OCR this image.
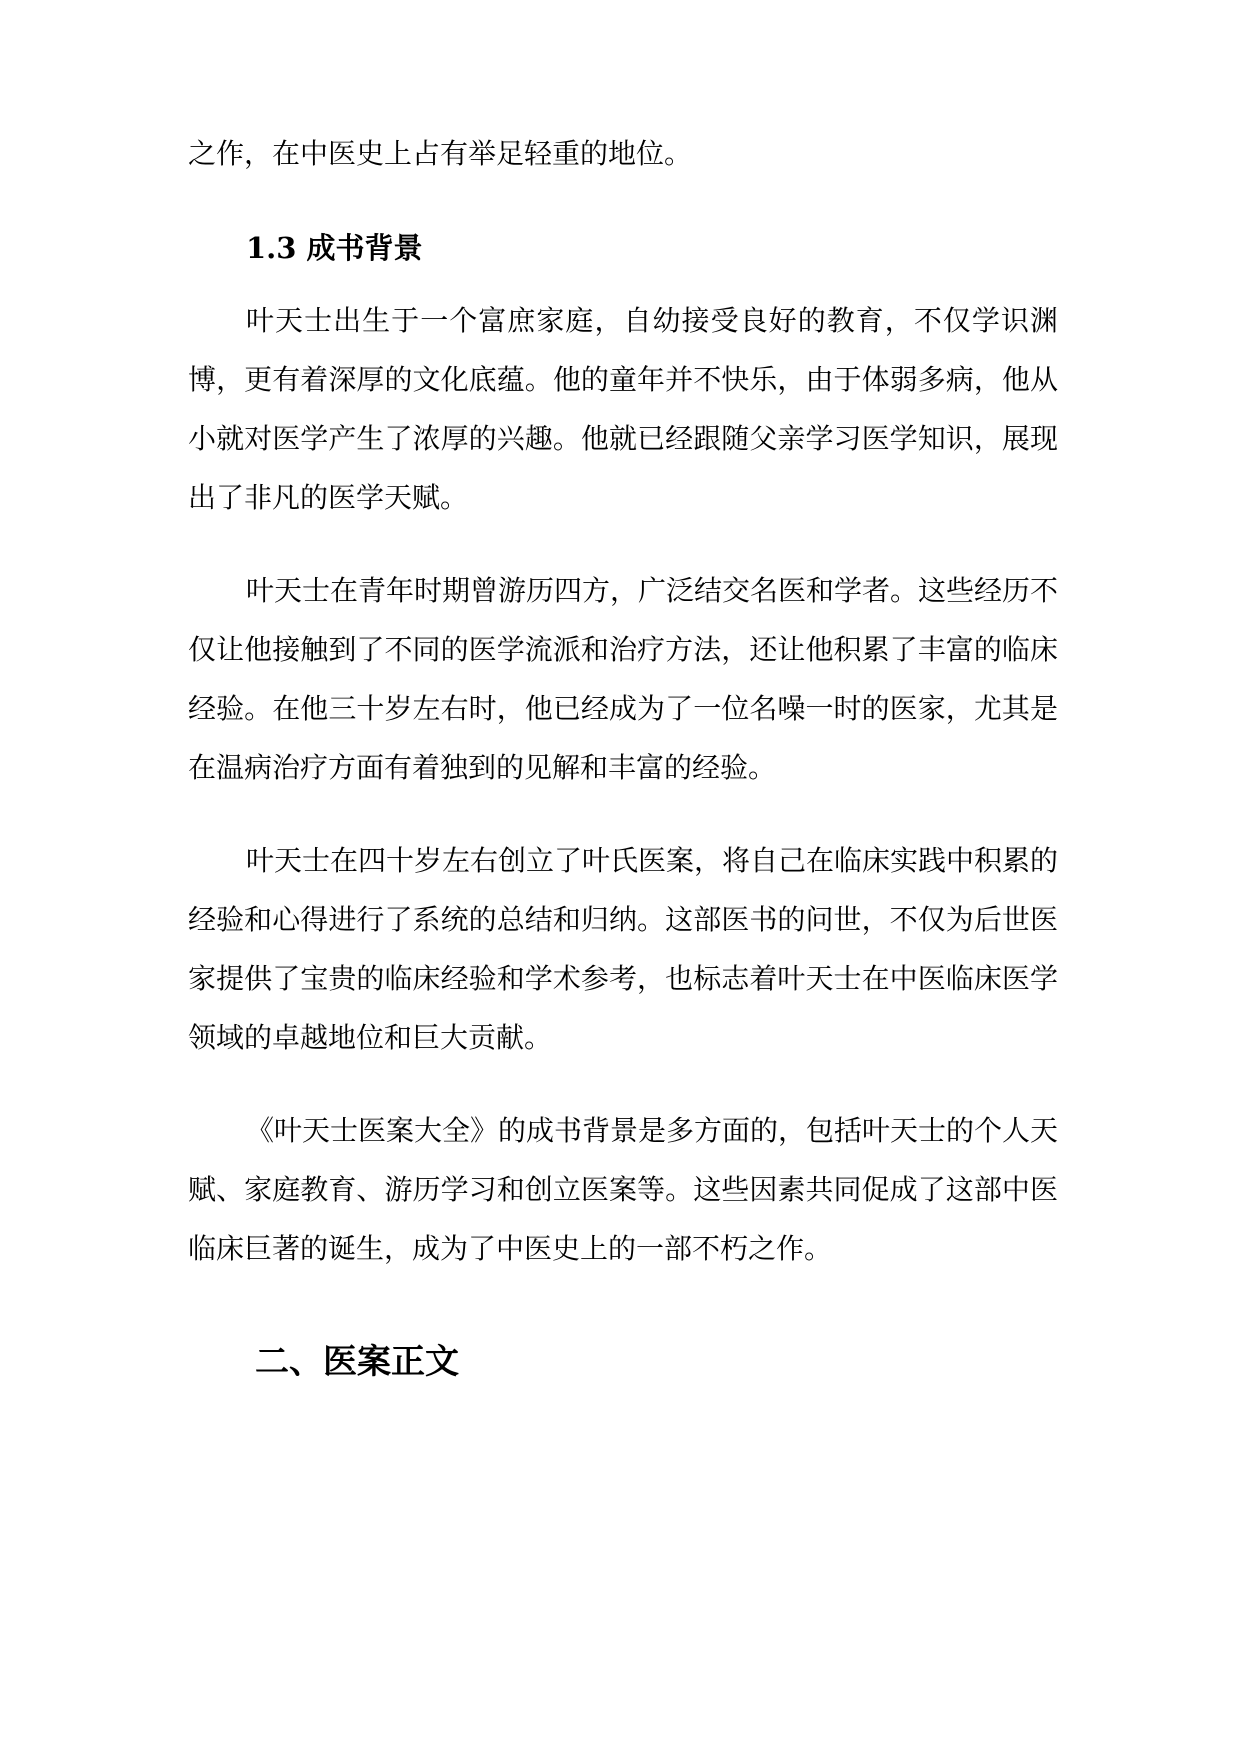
之作，在中医史上占有举足轻重的地位。

1.3 成书背景

叶天士出生于一个富庶家庭，自幼接受良好的教育，不仅学识渊博，更有着深厚的文化底蕴。他的童年并不快乐，由于体弱多病，他从小就对医学产生了浓厚的兴趣。他就已经跟随父亲学习医学知识，展现出了非凡的医学天赋。

叶天士在青年时期曾游历四方，广泛结交名医和学者。这些经历不仅让他接触到了不同的医学流派和治疗方法，还让他积累了丰富的临床经验。在他三十岁左右时，他已经成为了一位名噪一时的医家，尤其是在温病治疗方面有着独到的见解和丰富的经验。

叶天士在四十岁左右创立了叶氏医案，将自己在临床实践中积累的经验和心得进行了系统的总结和归纳。这部医书的问世，不仅为后世医家提供了宝贵的临床经验和学术参考，也标志着叶天士在中医临床医学领域的卓越地位和巨大贡献。

《叶天士医案大全》的成书背景是多方面的，包括叶天士的个人天赋、家庭教育、游历学习和创立医案等。这些因素共同促成了这部中医临床巨著的诞生，成为了中医史上的一部不朽之作。

二、医案正文
